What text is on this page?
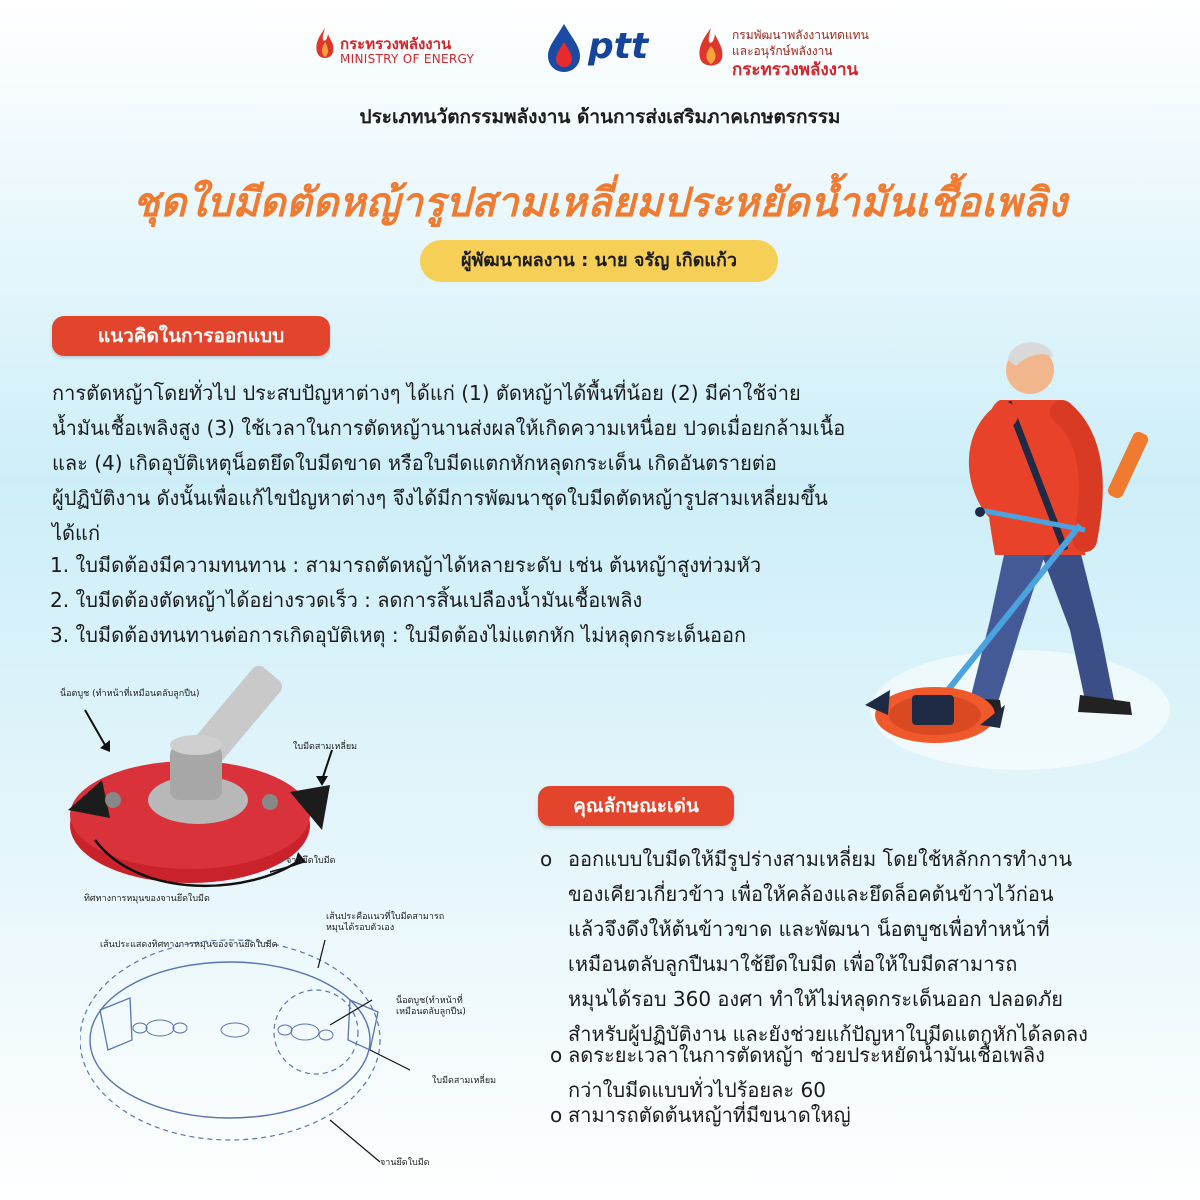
กระทรวงพลังงาน
MINISTRY OF ENERGY	ptt	กรมพัฒนาพลังงานทดแทน
และอนุรักษ์พลังงาน
กระทรวงพลังงาน
ประเภทนวัตกรรมพลังงาน ด้านการส่งเสริมภาคเกษตรกรรม
ชุดใบมีดตัดหญ้ารูปสามเหลี่ยมประหยัดน้ำมันเชื้อเพลิง
ผู้พัฒนาผลงาน : นาย จรัญ เกิดแก้ว
แนวคิดในการออกแบบ

การตัดหญ้าโดยทั่วไป ประสบปัญหาต่างๆ ได้แก่ (1) ตัดหญ้าได้พื้นที่น้อย (2) มีค่าใช้จ่าย

น้ำมันเชื้อเพลิงสูง (3) ใช้เวลาในการตัดหญ้านานส่งผลให้เกิดความเหนื่อย ปวดเมื่อยกล้ามเนื้อ

และ (4) เกิดอุบัติเหตุน็อตยึดใบมีดขาด หรือใบมีดแตกหักหลุดกระเด็น เกิดอันตรายต่อ

ผู้ปฏิบัติงาน ดังนั้นเพื่อแก้ไขปัญหาต่างๆ จึงได้มีการพัฒนาชุดใบมีดตัดหญ้ารูปสามเหลี่ยมขึ้น

ได้แก่

1. ใบมีดต้องมีความทนทาน : สามารถตัดหญ้าได้หลายระดับ เช่น ต้นหญ้าสูงท่วมหัว
2. ใบมีดต้องตัดหญ้าได้อย่างรวดเร็ว : ลดการสิ้นเปลืองน้ำมันเชื้อเพลิง
3. ใบมีดต้องทนทานต่อการเกิดอุบัติเหตุ : ใบมีดต้องไม่แตกหัก ไม่หลุดกระเด็นออก
น็อตบูช (ทำหน้าที่เหมือนตลับลูกปืน)
ใบมีดสามเหลี่ยม
จานยึดใบมีด
ทิศทางการหมุนของจานยึดใบมีด
เส้นประคือแนวที่ใบมีดสามารถ
หมุนได้รอบตัวเอง
เส้นประแสดงทิศทางการหมุนของจานยึดใบมีด
น็อตบูช(ทำหน้าที่
เหมือนตลับลูกปืน)
ใบมีดสามเหลี่ยม
จานยึดใบมีด
คุณลักษณะเด่น
o ออกแบบใบมีดให้มีรูปร่างสามเหลี่ยม โดยใช้หลักการทำงาน
ของเคียวเกี่ยวข้าว เพื่อให้คล้องและยึดล็อคต้นข้าวไว้ก่อน
แล้วจึงดึงให้ต้นข้าวขาด และพัฒนา น็อตบูชเพื่อทำหน้าที่
เหมือนตลับลูกปืนมาใช้ยึดใบมีด เพื่อให้ใบมีดสามารถ
หมุนได้รอบ 360 องศา ทำให้ไม่หลุดกระเด็นออก ปลอดภัย
สำหรับผู้ปฏิบัติงาน และยังช่วยแก้ปัญหาใบมีดแตกหักได้ลดลง
o ลดระยะเวลาในการตัดหญ้า ช่วยประหยัดน้ำมันเชื้อเพลิง
กว่าใบมีดแบบทั่วไปร้อยละ 60
o สามารถตัดต้นหญ้าที่มีขนาดใหญ่
